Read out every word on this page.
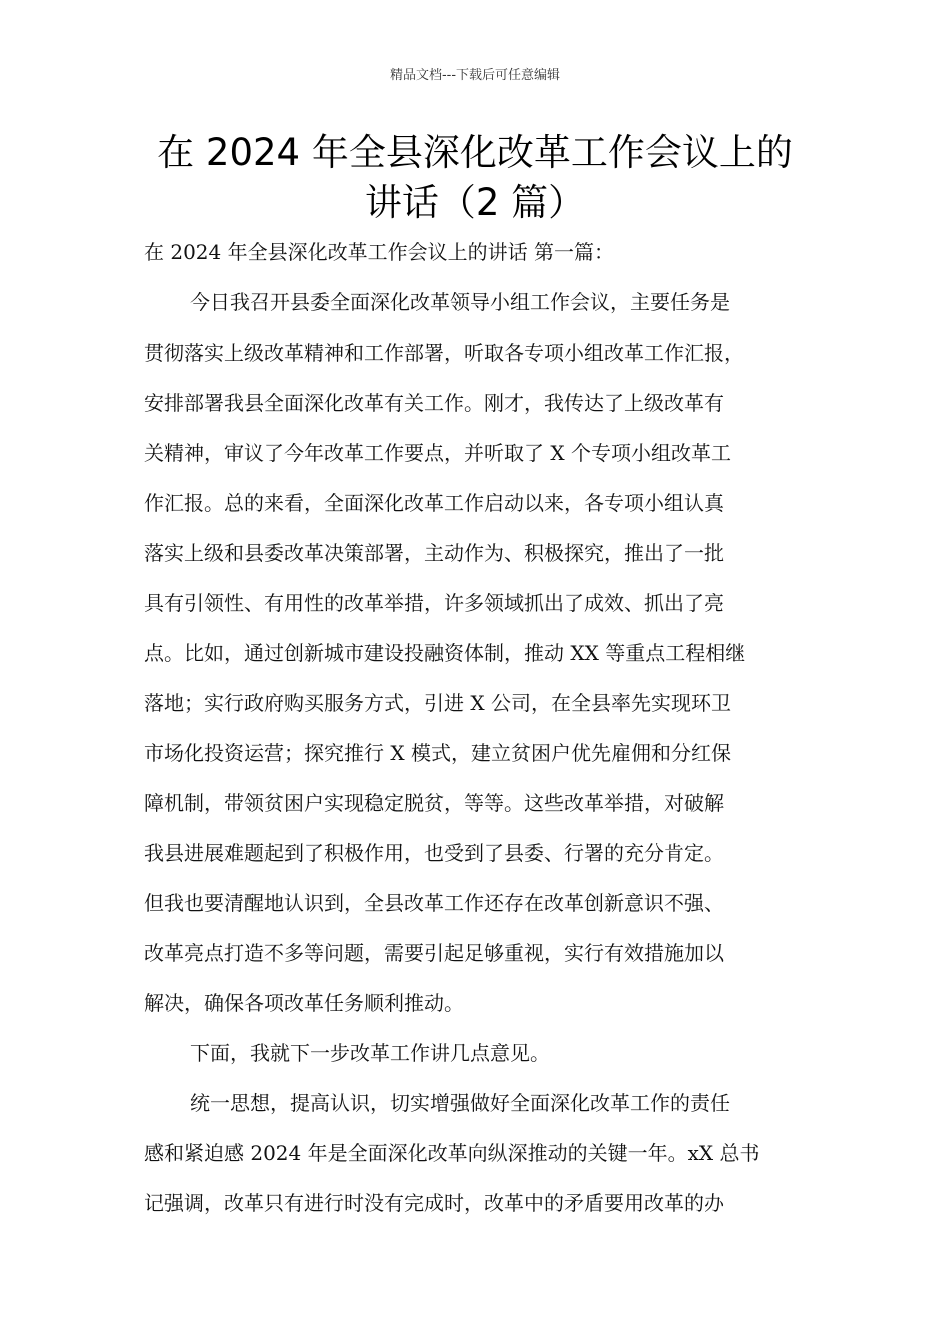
精品文档---下载后可任意编辑
在 2024 年全县深化改革工作会议上的
讲话（2 篇）
在 2024 年全县深化改革工作会议上的讲话 第一篇：
今日我召开县委全面深化改革领导小组工作会议，主要任务是
贯彻落实上级改革精神和工作部署，听取各专项小组改革工作汇报，
安排部署我县全面深化改革有关工作。刚才，我传达了上级改革有
关精神，审议了今年改革工作要点，并听取了 X 个专项小组改革工
作汇报。总的来看，全面深化改革工作启动以来，各专项小组认真
落实上级和县委改革决策部署，主动作为、积极探究，推出了一批
具有引领性、有用性的改革举措，许多领域抓出了成效、抓出了亮
点。比如，通过创新城市建设投融资体制，推动 XX 等重点工程相继
落地；实行政府购买服务方式，引进 X 公司，在全县率先实现环卫
市场化投资运营；探究推行 X 模式，建立贫困户优先雇佣和分红保
障机制，带领贫困户实现稳定脱贫，等等。这些改革举措，对破解
我县进展难题起到了积极作用，也受到了县委、行署的充分肯定。
但我也要清醒地认识到，全县改革工作还存在改革创新意识不强、
改革亮点打造不多等问题，需要引起足够重视，实行有效措施加以
解决，确保各项改革任务顺利推动。
下面，我就下一步改革工作讲几点意见。
统一思想，提高认识，切实增强做好全面深化改革工作的责任
感和紧迫感 2024 年是全面深化改革向纵深推动的关键一年。xX 总书
记强调，改革只有进行时没有完成时，改革中的矛盾要用改革的办
